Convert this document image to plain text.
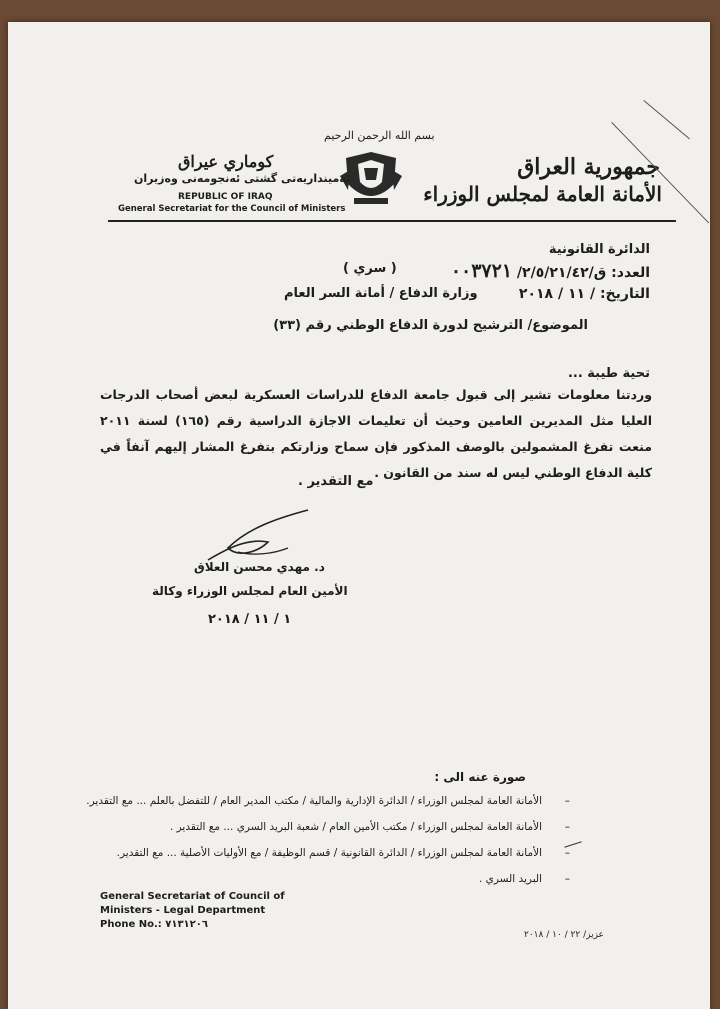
بسم الله الرحمن الرحيم
جمهورية العراق
الأمانة العامة لمجلس الوزراء
كوماري عيراق
ئه‌مينداريه‌تى گشتى ئه‌نجومه‌نى وه‌زيران
REPUBLIC OF IRAQ
General Secretariat for the Council of Ministers
الدائرة القانونية
العدد: ق/٢/٥/٢١/٤٢/ ٠٠٣٧٢١
( سري )
التاريخ: / ١١ / ٢٠١٨
وزارة الدفاع / أمانة السر العام
الموضوع/ الترشيح لدورة الدفاع الوطني رقم (٣٣)
تحية طيبة ...
وردتنا معلومات تشير إلى قبول جامعة الدفاع للدراسات العسكرية لبعض أصحاب الدرجات العليا مثل المديرين العامين وحيث أن تعليمات الاجازة الدراسية رقم (١٦٥) لسنة ٢٠١١ منعت تفرغ المشمولين بالوصف المذكور فإن سماح وزارتكم بتفرغ المشار إليهم آنفاً في كلية الدفاع الوطني ليس له سند من القانون .
مع التقدير .
د. مهدي محسن العلاق
الأمين العام لمجلس الوزراء وكالة
١ / ١١ / ٢٠١٨
صورة عنه الى :
–الأمانة العامة لمجلس الوزراء / الدائرة الإدارية والمالية / مكتب المدير العام / للتفضل بالعلم ... مع التقدير.
–الأمانة العامة لمجلس الوزراء / مكتب الأمين العام / شعبة البريد السري ... مع التقدير .
–الأمانة العامة لمجلس الوزراء / الدائرة القانونية / قسم الوظيفة / مع الأوليات الأصلية ... مع التقدير.
–البريد السري .
General Secretariat of Council of
Ministers - Legal Department
Phone No.: ٧١٣١٢٠٦
عزيز/ ٢٢ / ١٠ / ٢٠١٨
